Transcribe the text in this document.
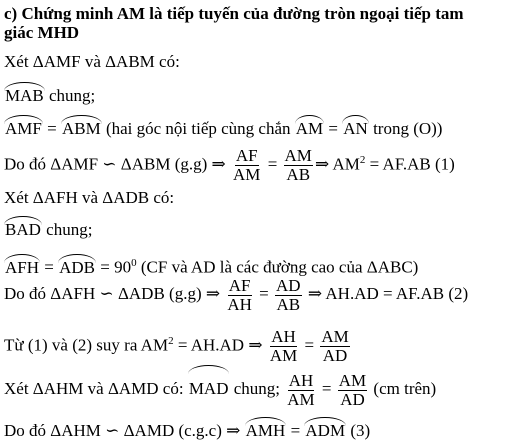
c) Chứng minh AM là tiếp tuyến của đường tròn ngoại tiếp tam
giác MHD
Xét ΔAMF và ΔABM có:
MAB chung;
AMF = ABM (hai góc nội tiếp cùng chắn AM = AN trong (O))
Do đó ΔAMF ∽ ΔABM (g.g) ⇒ $\frac{AF}{AM} = \frac{AM}{AB}$ ⇒ $AM^2 = AF.AB$ (1)
Xét ΔAFH và ΔADB có:
BAD chung;
AFH = ADB = $90^0$ (CF và AD là các đường cao của ΔABC)
Do đó ΔAFH ∽ ΔADB (g.g) ⇒ $\frac{AF}{AH} = \frac{AD}{AB}$ ⇒ AH.AD = AF.AB (2)
Từ (1) và (2) suy ra $AM^2 = AH.AD$ ⇒ $\frac{AH}{AM} = \frac{AM}{AD}$
Xét ΔAHM và ΔAMD có: MAD chung; $\frac{AH}{AM} = \frac{AM}{AD} (cm$ trên)
Do đó ΔAHM ∽ ΔAMD (c.g.c) ⇒ AMH = ADM (3)
